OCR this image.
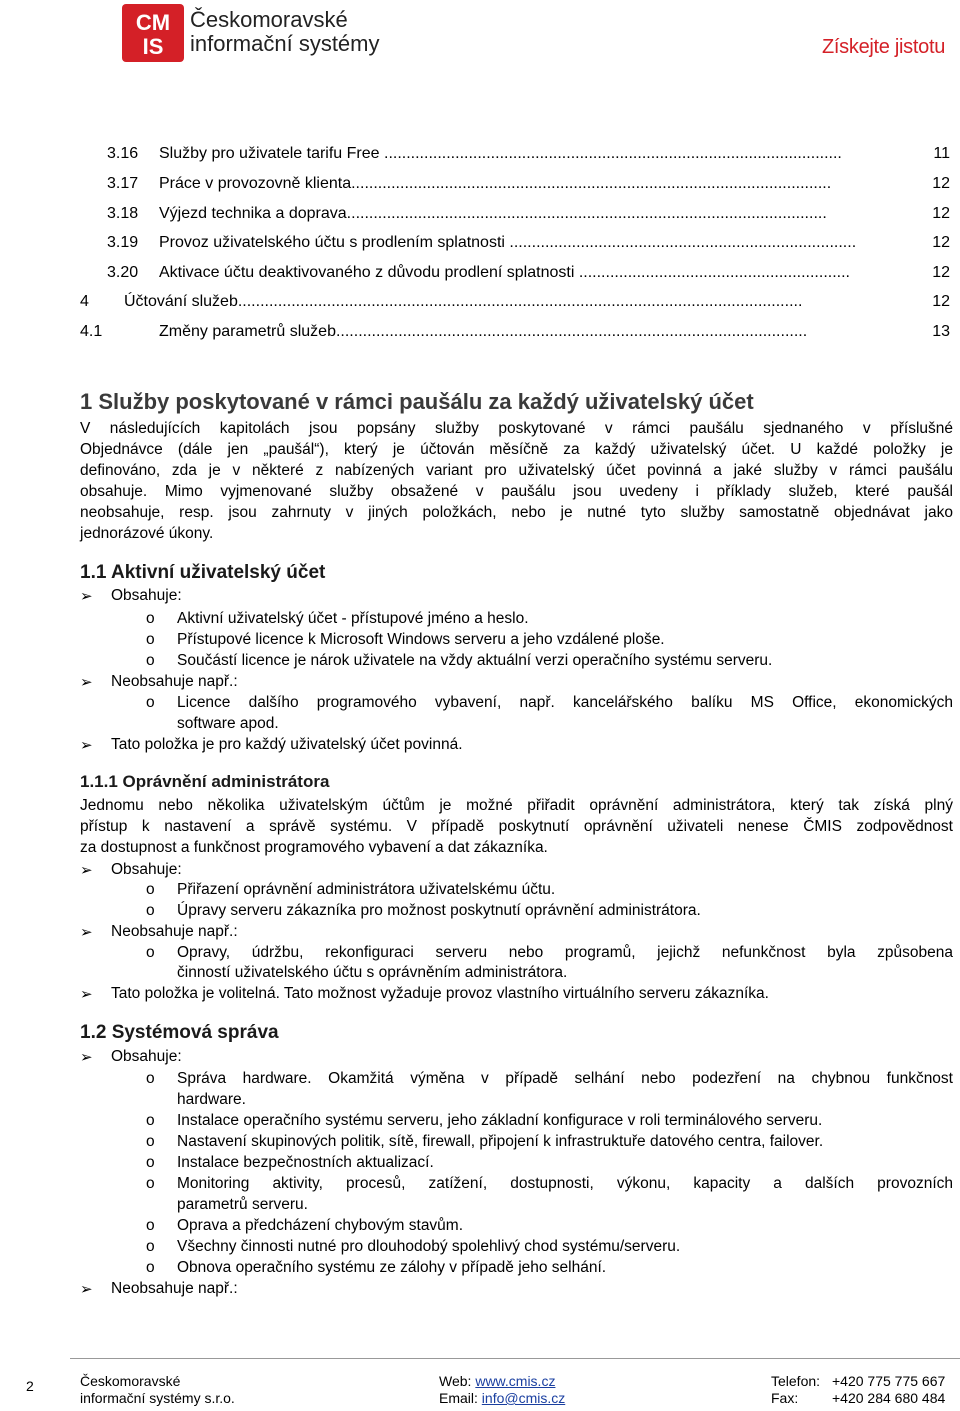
CM
IS
Českomoravské
informační systémy	Získejte jistotu
3.16 Služby pro uživatele tarifu Free .......................................................................................................	11
3.17 Práce v provozovně klienta............................................................................................................	12
3.18 Výjezd technika a doprava............................................................................................................	12
3.19 Provoz uživatelského účtu s prodlením splatnosti ..............................................................................	12
3.20 Aktivace účtu deaktivovaného z důvodu prodlení splatnosti .............................................................	12
4 Účtování služeb...............................................................................................................................	12
4.1	Změny parametrů služeb..........................................................................................................	13
1 Služby poskytované v rámci paušálu za každý uživatelský účet
V následujících kapitolách jsou popsány služby poskytované v rámci paušálu sjednaného v příslušné
Objednávce (dále jen „paušál“), který je účtován měsíčně za každý uživatelský účet. U každé položky je
definováno, zda je v některé z nabízených variant pro uživatelský účet povinná a jaké služby v rámci paušálu
obsahuje. Mimo vyjmenované služby obsažené v paušálu jsou uvedeny i příklady služeb, které paušál
neobsahuje, resp. jsou zahrnuty v jiných položkách, nebo je nutné tyto služby samostatně objednávat jako
jednorázové úkony.
1.1 Aktivní uživatelský účet
➢ Obsahuje:
o Aktivní uživatelský účet - přístupové jméno a heslo.
o Přístupové licence k Microsoft Windows serveru a jeho vzdálené ploše.
o Součástí licence je nárok uživatele na vždy aktuální verzi operačního systému serveru.
➢ Neobsahuje např.:
o Licence dalšího programového vybavení, např. kancelářského balíku MS Office, ekonomických
software apod.
➢ Tato položka je pro každý uživatelský účet povinná.
1.1.1 Oprávnění administrátora
Jednomu nebo několika uživatelským účtům je možné přiřadit oprávnění administrátora, který tak získá plný
přístup k nastavení a správě systému. V případě poskytnutí oprávnění uživateli nenese ČMIS zodpovědnost
za dostupnost a funkčnost programového vybavení a dat zákazníka.
➢ Obsahuje:
o Přiřazení oprávnění administrátora uživatelskému účtu.
o Úpravy serveru zákazníka pro možnost poskytnutí oprávnění administrátora.
➢ Neobsahuje např.:
o Opravy, údržbu, rekonfiguraci serveru nebo programů, jejichž nefunkčnost byla způsobena
činností uživatelského účtu s oprávněním administrátora.
➢ Tato položka je volitelná. Tato možnost vyžaduje provoz vlastního virtuálního serveru zákazníka.
1.2 Systémová správa
➢ Obsahuje:
o Správa hardware. Okamžitá výměna v případě selhání nebo podezření na chybnou funkčnost
hardware.
o Instalace operačního systému serveru, jeho základní konfigurace v roli terminálového serveru.
o Nastavení skupinových politik, sítě, firewall, připojení k infrastruktuře datového centra, failover.
o Instalace bezpečnostních aktualizací.
o Monitoring aktivity, procesů, zatížení, dostupnosti, výkonu, kapacity a dalších provozních
parametrů serveru.
o Oprava a předcházení chybovým stavům.
o Všechny činnosti nutné pro dlouhodobý spolehlivý chod systému/serveru.
o Obnova operačního systému ze zálohy v případě jeho selhání.
➢ Neobsahuje např.:
2	Českomoravské
informační systémy s.r.o.
Web: www.cmis.cz
Email: info@cmis.cz
Telefon: +420 775 775 667
Fax: +420 284 680 484
